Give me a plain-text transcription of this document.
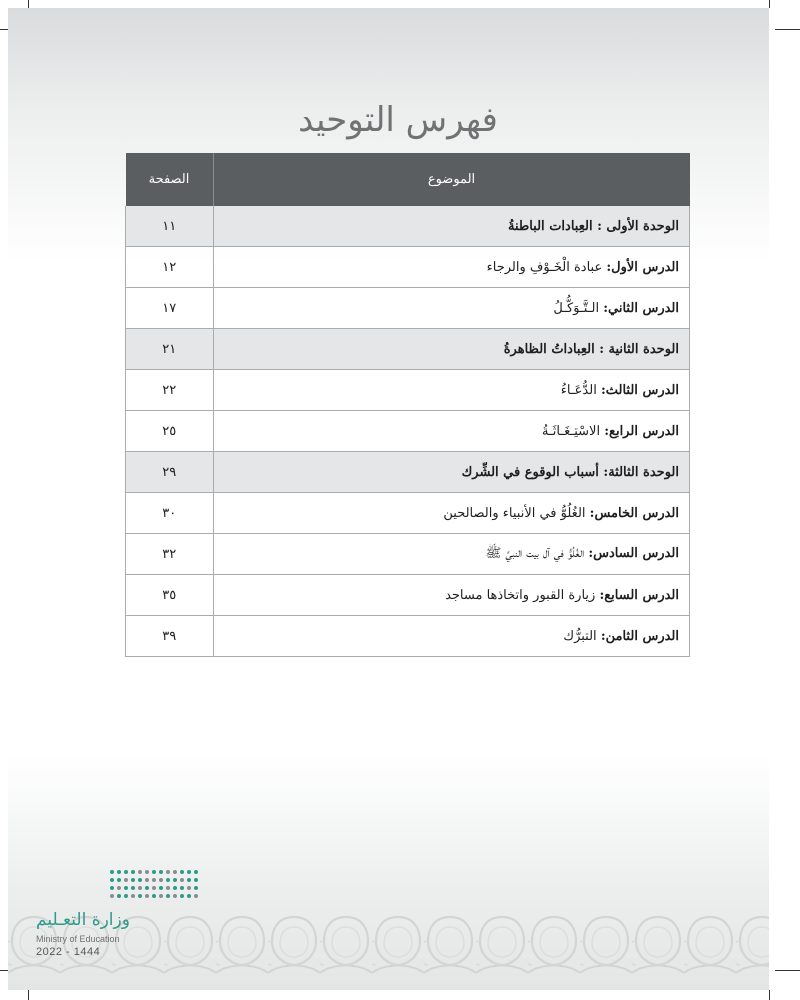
فهرس التوحيد
الموضوع	الصفحة
الوحدة الأولى : العِبادات الباطنةُ	١١
الدرس الأول: عبادة الْخَـوْفِ والرجاء	١٢
الدرس الثاني: الـتَّـوَكُّـلُ	١٧
الوحدة الثانية : العِباداتُ الظاهرةُ	٢١
الدرس الثالث: الدُّعَـاءُ	٢٢
الدرس الرابع: الاسْتِـغَـاثَـةُ	٢٥
الوحدة الثالثة: أسباب الوقوع في الشِّرك	٢٩
الدرس الخامس: الغُلُوُّ في الأنبياء والصالحين	٣٠
الدرس السادس: الغُلُوُّ في آل بيت النبيِّ ﷺ	٣٢
الدرس السابع: زيارة القبور واتخاذها مساجد	٣٥
الدرس الثامن: التبرُّك	٣٩
وزارة التعـليم
Ministry of Education
2022 - 1444
